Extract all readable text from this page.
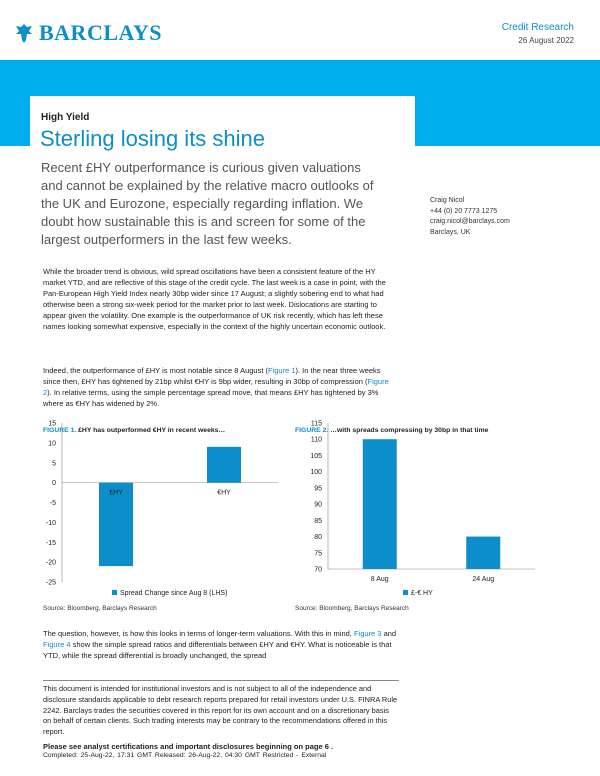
BARCLAYS	Credit Research
26 August 2022
High Yield
Sterling losing its shine
Recent £HY outperformance is curious given valuations and cannot be explained by the relative macro outlooks of the UK and Eurozone, especially regarding inflation. We doubt how sustainable this is and screen for some of the largest outperformers in the last few weeks.
| CORE
Craig Nicol
+44 (0) 20 7773 1275
craig.nicol@barclays.com
Barclays, UK
While the broader trend is obvious, wild spread oscillations have been a consistent feature of the HY market YTD, and are reflective of this stage of the credit cycle. The last week is a case in point, with the Pan-European High Yield Index nearly 30bp wider since 17 August; a slightly sobering end to what had otherwise been a strong six-week period for the market prior to last week. Dislocations are starting to appear given the volatility. One example is the outperformance of UK risk recently, which has left these names looking somewhat expensive, especially in the context of the highly uncertain economic outlook.
Indeed, the outperformance of £HY is most notable since 8 August (Figure 1). In the near three weeks since then, £HY has tightened by 21bp whilst €HY is 9bp wider, resulting in 30bp of compression (Figure 2). In relative terms, using the simple percentage spread move, that means £HY has tightened by 3% where as €HY has widened by 2%.
FIGURE 1. £HY has outperformed €HY in recent weeks…	FIGURE 2. …with spreads compressing by 30bp in that time
15
10
5
0
-5
-10
-15
-20
-25
£HY	€HY
Spread Change since Aug 8 (LHS)
115
110
105
100
95
90
85
80
75
70
8 Aug	24 Aug
£-€ HY
Source: Bloomberg, Barclays Research	Source: Bloomberg, Barclays Research
The question, however, is how this looks in terms of longer-term valuations. With this in mind, Figure 3 and Figure 4 show the simple spread ratios and differentials between £HY and €HY. What is noticeable is that YTD, while the spread differential is broadly unchanged, the spread
This document is intended for institutional investors and is not subject to all of the independence and disclosure standards applicable to debt research reports prepared for retail investors under U.S. FINRA Rule 2242. Barclays trades the securities covered in this report for its own account and on a discretionary basis on behalf of certain clients. Such trading interests may be contrary to the recommendations offered in this report.
Please see analyst certifications and important disclosures beginning on page 6 .
Completed: 25-Aug-22, 17:31 GMT Released: 26-Aug-22, 04:30 GMT Restricted - External
